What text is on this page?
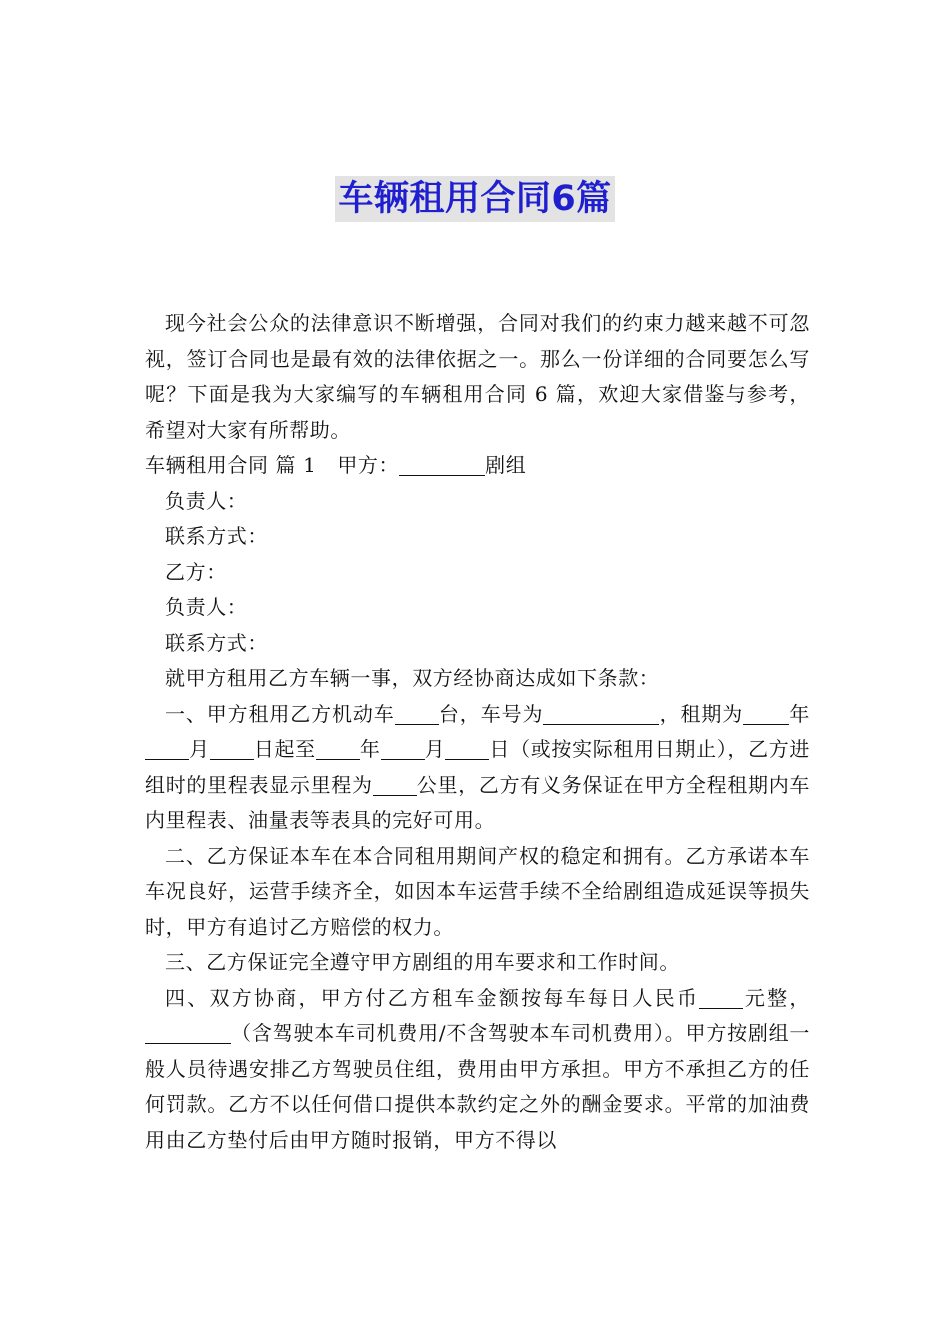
车辆租用合同6篇

现今社会公众的法律意识不断增强，合同对我们的约束力越来越不可忽视，签订合同也是最有效的法律依据之一。那么一份详细的合同要怎么写呢？下面是我为大家编写的车辆租用合同 6 篇，欢迎大家借鉴与参考，希望对大家有所帮助。

车辆租用合同 篇 1 甲方：	剧组

负责人：

联系方式：

乙方：

负责人：

联系方式：

就甲方租用乙方车辆一事，双方经协商达成如下条款：

一、甲方租用乙方机动车 台，车号为	，租期为 年月 日起至 年 月 日（或按实际租用日期止），乙方进组时的里程表显示里程为 公里，乙方有义务保证在甲方全程租期内车内里程表、油量表等表具的完好可用。

二、乙方保证本车在本合同租用期间产权的稳定和拥有。乙方承诺本车车况良好，运营手续齐全，如因本车运营手续不全给剧组造成延误等损失时，甲方有追讨乙方赔偿的权力。

三、乙方保证完全遵守甲方剧组的用车要求和工作时间。

四、双方协商，甲方付乙方租车金额按每车每日人民币 元整，（含驾驶本车司机费用/不含驾驶本车司机费用）。甲方按剧组一般人员待遇安排乙方驾驶员住组，费用由甲方承担。甲方不承担乙方的任何罚款。乙方不以任何借口提供本款约定之外的酬金要求。平常的加油费用由乙方垫付后由甲方随时报销，甲方不得以
